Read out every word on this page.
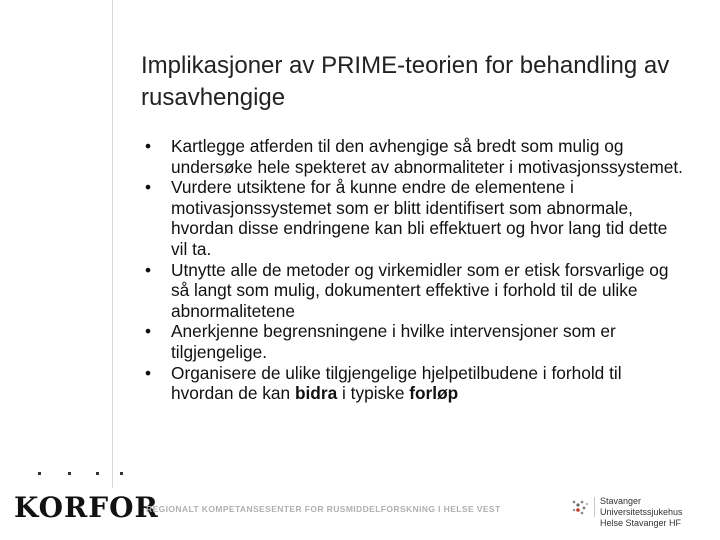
Implikasjoner av PRIME-teorien for behandling av rusavhengige
• Kartlegge atferden til den avhengige så bredt som mulig og undersøke hele spekteret av abnormaliteter i motivasjonssystemet.
• Vurdere utsiktene for å kunne endre de elementene i motivasjonssystemet som er blitt identifisert som abnormale, hvordan disse endringene kan bli effektuert og hvor lang tid dette vil ta.
• Utnytte alle de metoder og virkemidler som er etisk forsvarlige og så langt som mulig, dokumentert effektive i forhold til de ulike abnormalitetene
• Anerkjenne begrensningene i hvilke intervensjoner som er tilgjengelige.
• Organisere de ulike tilgjengelige hjelpetilbudene i forhold til hvordan de kan bidra i typiske forløp
KORFOR
REGIONALT KOMPETANSESENTER FOR RUSMIDDELFORSKNING I HELSE VEST
Stavanger Universitetssjukehus
Helse Stavanger HF
